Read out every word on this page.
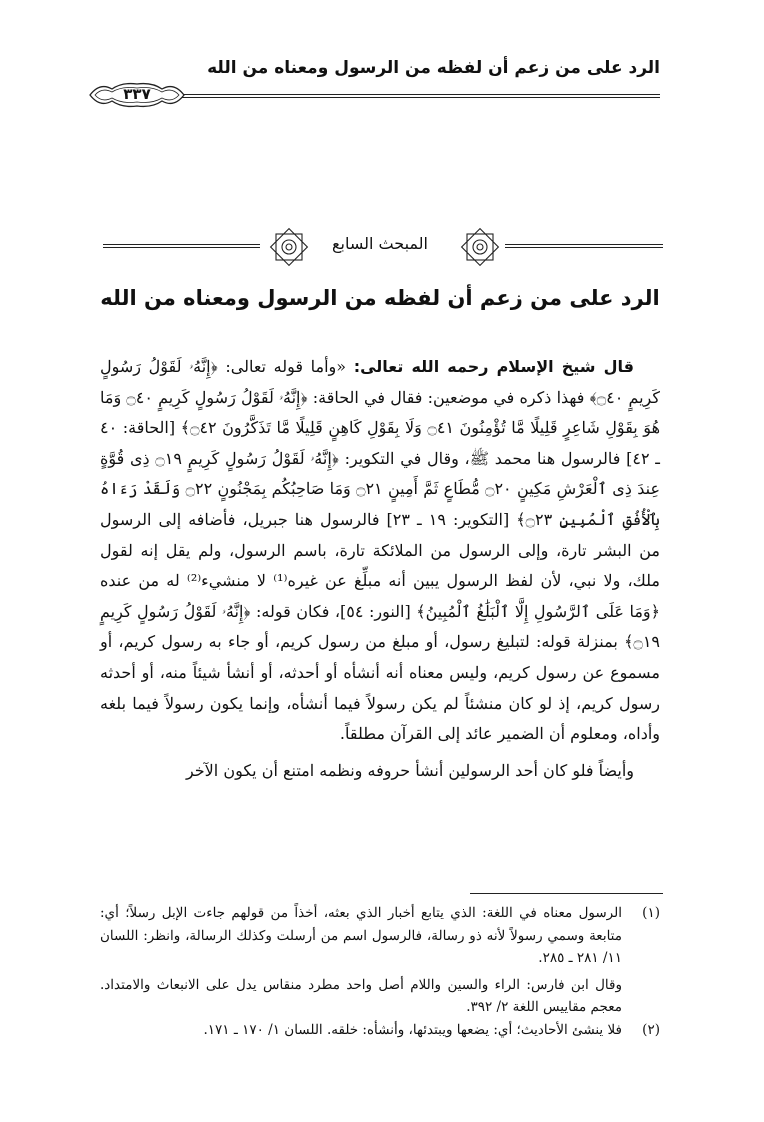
الرد على من زعم أن لفظه من الرسول ومعناه من الله
٣٣٧
المبحث السابع
الرد على من زعم أن لفظه من الرسول ومعناه من الله

قال شيخ الإسلام رحمه الله تعالى: «وأما قوله تعالى: ﴿إِنَّهُۥ لَقَوْلُ رَسُولٍ كَرِيمٍ ۝٤٠﴾ فهذا ذكره في موضعين: فقال في الحاقة: ﴿إِنَّهُۥ لَقَوْلُ رَسُولٍ كَرِيمٍ ۝٤٠ وَمَا هُوَ بِقَوْلِ شَاعِرٍ قَلِيلًا مَّا تُؤْمِنُونَ ۝٤١ وَلَا بِقَوْلِ كَاهِنٍ قَلِيلًا مَّا تَذَكَّرُونَ ۝٤٢﴾ [الحاقة: ٤٠ ـ ٤٢] فالرسول هنا محمد ﷺ، وقال في التكوير: ﴿إِنَّهُۥ لَقَوْلُ رَسُولٍ كَرِيمٍ ۝١٩ ذِى قُوَّةٍ عِندَ ذِى ٱلْعَرْشِ مَكِينٍ ۝٢٠ مُّطَاعٍ ثَمَّ أَمِينٍ ۝٢١ وَمَا صَاحِبُكُم بِمَجْنُونٍ ۝٢٢ وَلَقَدْ رَءَاهُ بِٱلْأُفُقِ ٱلْمُبِينِ ۝٢٣﴾ [التكوير: ١٩ ـ ٢٣] فالرسول هنا جبريل، فأضافه إلى الرسول من البشر تارة، وإلى الرسول من الملائكة تارة، باسم الرسول، ولم يقل إنه لقول ملك، ولا نبي، لأن لفظ الرسول يبين أنه مبلِّغ عن غيره⁽¹⁾ لا منشيء⁽²⁾ له من عنده ﴿وَمَا عَلَى ٱلرَّسُولِ إِلَّا ٱلْبَلَٰغُ ٱلْمُبِينُ﴾ [النور: ٥٤]، فكان قوله: ﴿إِنَّهُۥ لَقَوْلُ رَسُولٍ كَرِيمٍ ۝١٩﴾ بمنزلة قوله: لتبليغ رسول، أو مبلغ من رسول كريم، أو جاء به رسول كريم، أو مسموع عن رسول كريم، وليس معناه أنه أنشأه أو أحدثه، أو أنشأ شيئاً منه، أو أحدثه رسول كريم، إذ لو كان منشئاً لم يكن رسولاً فيما أنشأه، وإنما يكون رسولاً فيما بلغه وأداه، ومعلوم أن الضمير عائد إلى القرآن مطلقاً.

وأيضاً فلو كان أحد الرسولين أنشأ حروفه ونظمه امتنع أن يكون الآخر

(١)
الرسول معناه في اللغة: الذي يتابع أخبار الذي بعثه، أخذاً من قولهم جاءت الإبل رسلاً؛ أي: متابعة وسمي رسولاً لأنه ذو رسالة، فالرسول اسم من أرسلت وكذلك الرسالة، وانظر: اللسان ١١/ ٢٨١ ـ ٢٨٥.
وقال ابن فارس: الراء والسين واللام أصل واحد مطرد منقاس يدل على الانبعاث والامتداد. معجم مقاييس اللغة ٢/ ٣٩٢.
(٢)
فلا ينشئ الأحاديث؛ أي: يضعها ويبتدئها، وأنشأه: خلقه. اللسان ١/ ١٧٠ ـ ١٧١.
